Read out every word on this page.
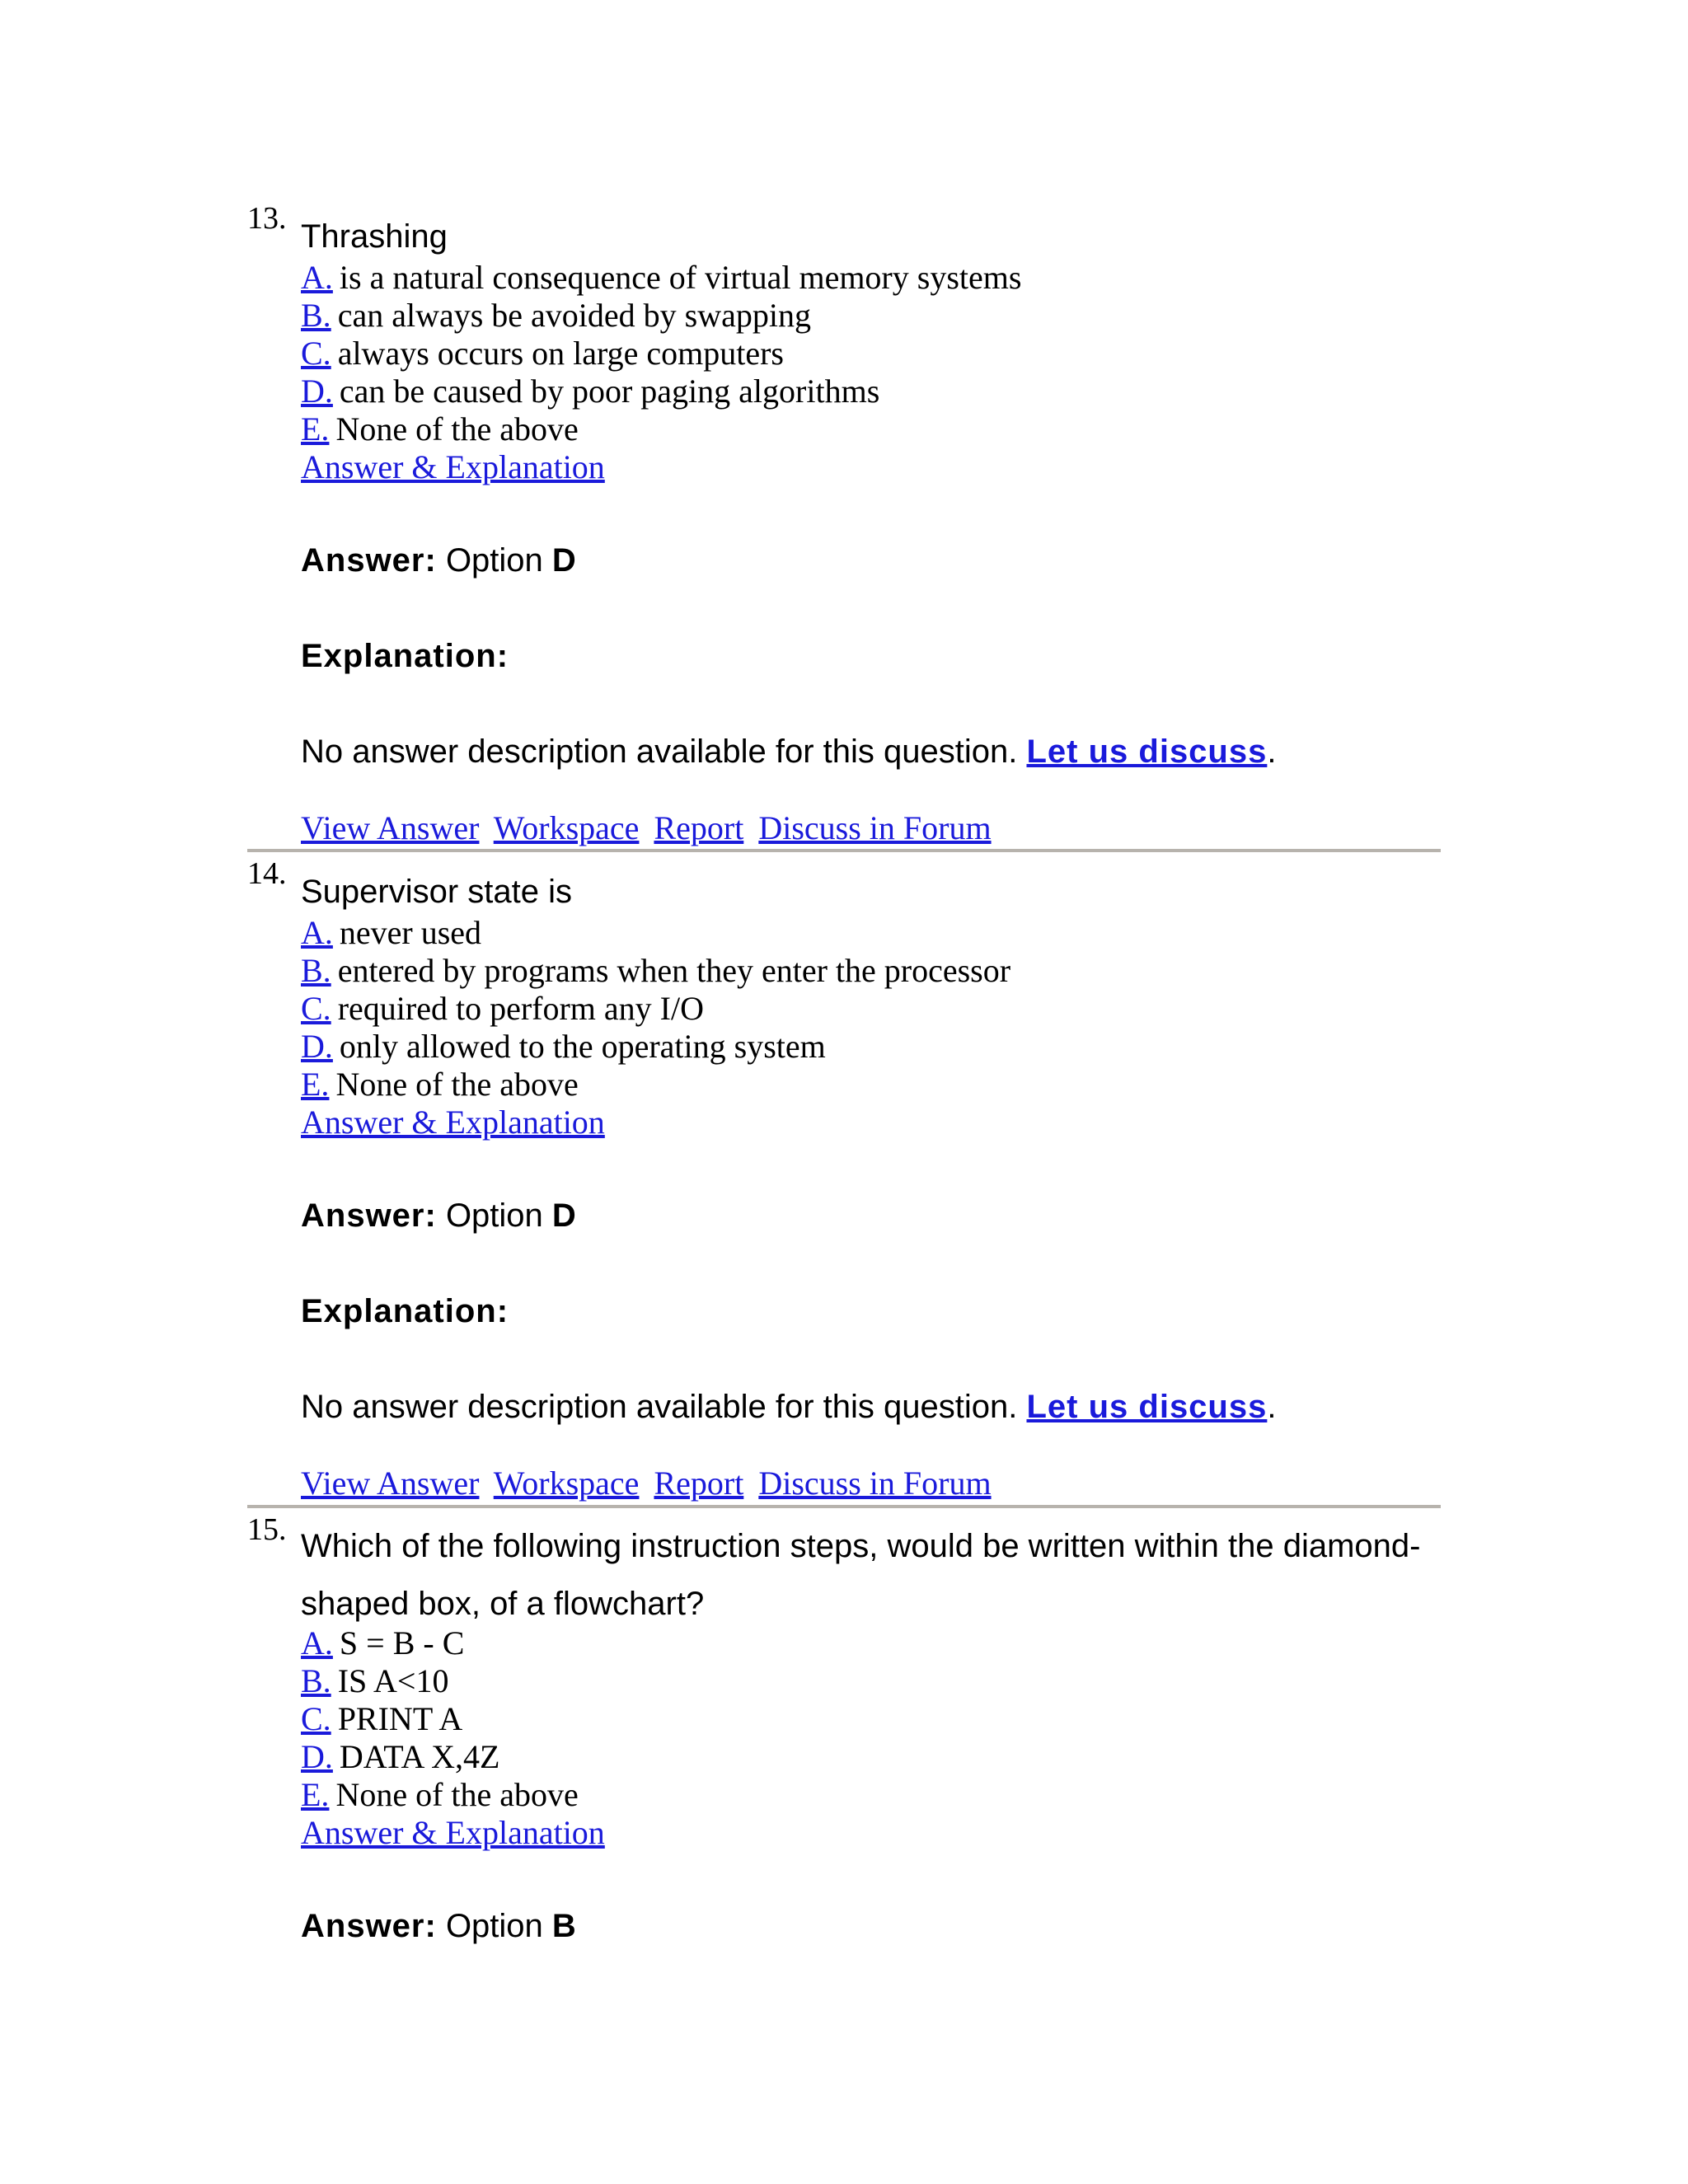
13. Thrashing
A. is a natural consequence of virtual memory systems
B. can always be avoided by swapping
C. always occurs on large computers
D. can be caused by poor paging algorithms
E. None of the above
Answer & Explanation
Answer: Option D
Explanation:
No answer description available for this question. Let us discuss.
View Answer Workspace Report Discuss in Forum
14. Supervisor state is
A. never used
B. entered by programs when they enter the processor
C. required to perform any I/O
D. only allowed to the operating system
E. None of the above
Answer & Explanation
Answer: Option D
Explanation:
No answer description available for this question. Let us discuss.
View Answer Workspace Report Discuss in Forum
15. Which of the following instruction steps, would be written within the diamond-
shaped box, of a flowchart?
A. S = B - C
B. IS A<10
C. PRINT A
D. DATA X,4Z
E. None of the above
Answer & Explanation
Answer: Option B
